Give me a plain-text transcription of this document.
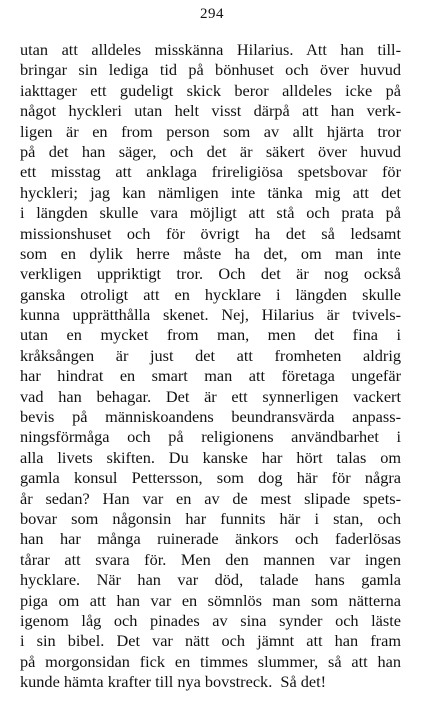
294
utan att alldeles misskänna Hilarius. Att han till-
bringar sin lediga tid på bönhuset och över huvud
iakttager ett gudeligt skick beror alldeles icke på
något hyckleri utan helt visst därpå att han verk-
ligen är en from person som av allt hjärta tror
på det han säger, och det är säkert över huvud
ett misstag att anklaga frireligiösa spetsbovar för
hyckleri; jag kan nämligen inte tänka mig att det
i längden skulle vara möjligt att stå och prata på
missionshuset och för övrigt ha det så ledsamt
som en dylik herre måste ha det, om man inte
verkligen uppriktigt tror. Och det är nog också
ganska otroligt att en hycklare i längden skulle
kunna upprätthålla skenet. Nej, Hilarius är tvivels-
utan en mycket from man, men det fina i
kråksången är just det att fromheten aldrig
har hindrat en smart man att företaga ungefär
vad han behagar. Det är ett synnerligen vackert
bevis på människoandens beundransvärda anpass-
ningsförmåga och på religionens användbarhet i
alla livets skiften. Du kanske har hört talas om
gamla konsul Pettersson, som dog här för några
år sedan? Han var en av de mest slipade spets-
bovar som någonsin har funnits här i stan, och
han har många ruinerade änkors och faderlösas
tårar att svara för. Men den mannen var ingen
hycklare. När han var död, talade hans gamla
piga om att han var en sömnlös man som nätterna
igenom låg och pinades av sina synder och läste
i sin bibel. Det var nätt och jämnt att han fram
på morgonsidan fick en timmes slummer, så att han
kunde hämta krafter till nya bovstreck.  Så det!
